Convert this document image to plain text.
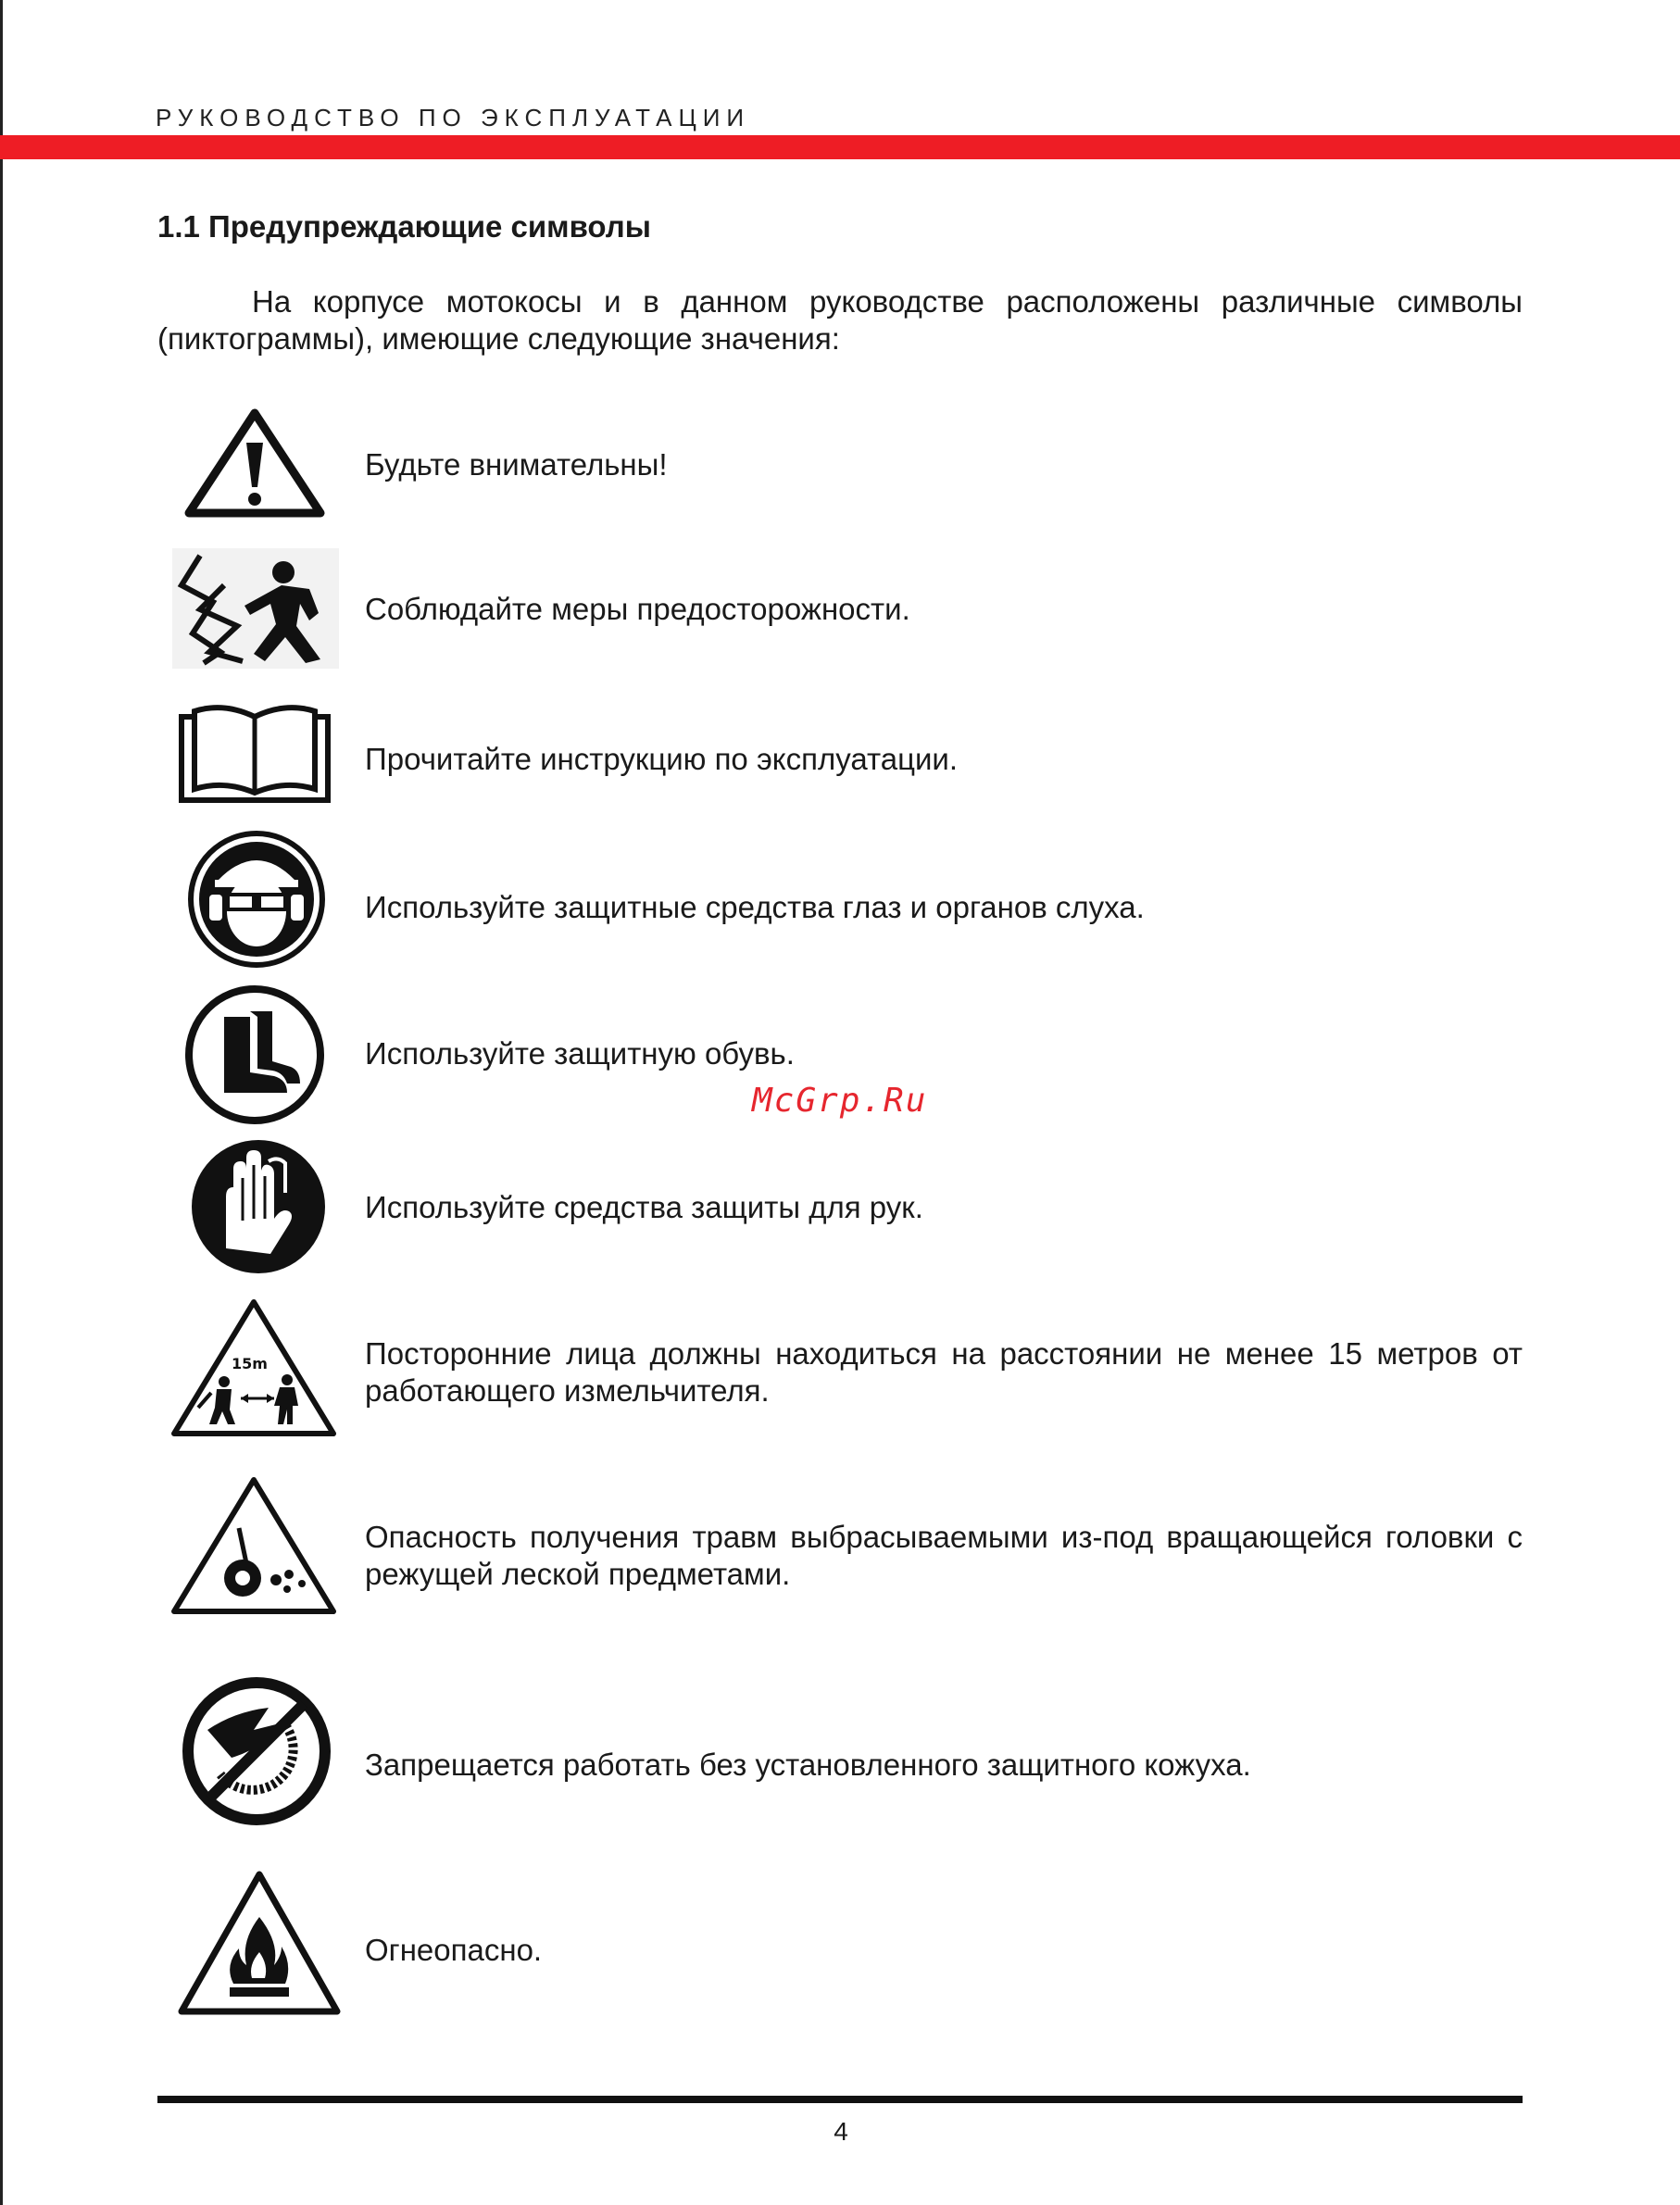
РУКОВОДСТВО ПО ЭКСПЛУАТАЦИИ
1.1 Предупреждающие символы

На корпусе мотокосы и в данном руководстве расположены различные символы (пиктограммы), имеющие следующие значения:

Будьте внимательны!

Соблюдайте меры предосторожности.

Прочитайте инструкцию по эксплуатации.

Используйте защитные средства глаз и органов слуха.

Используйте защитную обувь.

Используйте средства защиты для рук.

15m	Посторонние лица должны находиться на расстоянии не менее 15 метров от работающего измельчителя.

Опасность получения травм выбрасываемыми из-под вращающейся головки с режущей леской предметами.

Запрещается работать без установленного защитного кожуха.

Огнеопасно.

McGrp.Ru
4
